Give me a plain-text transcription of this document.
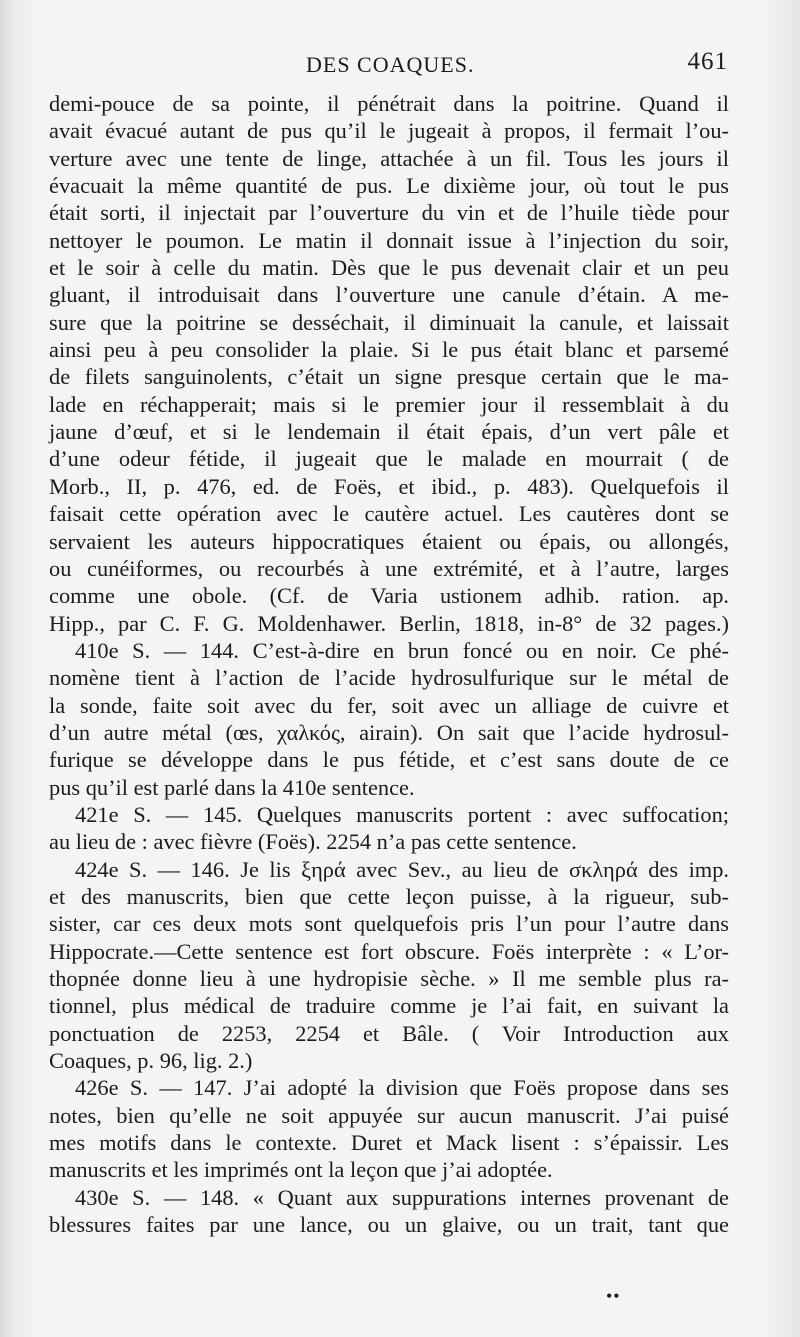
DES COAQUES.	461
demi-pouce de sa pointe, il pénétrait dans la poitrine. Quand il
avait évacué autant de pus qu’il le jugeait à propos, il fermait l’ou-
verture avec une tente de linge, attachée à un fil. Tous les jours il
évacuait la même quantité de pus. Le dixième jour, où tout le pus
était sorti, il injectait par l’ouverture du vin et de l’huile tiède pour
nettoyer le poumon. Le matin il donnait issue à l’injection du soir,
et le soir à celle du matin. Dès que le pus devenait clair et un peu
gluant, il introduisait dans l’ouverture une canule d’étain. A me-
sure que la poitrine se desséchait, il diminuait la canule, et laissait
ainsi peu à peu consolider la plaie. Si le pus était blanc et parsemé
de filets sanguinolents, c’était un signe presque certain que le ma-
lade en réchapperait; mais si le premier jour il ressemblait à du
jaune d’œuf, et si le lendemain il était épais, d’un vert pâle et
d’une odeur fétide, il jugeait que le malade en mourrait ( de
Morb., II, p. 476, ed. de Foës, et ibid., p. 483). Quelquefois il
faisait cette opération avec le cautère actuel. Les cautères dont se
servaient les auteurs hippocratiques étaient ou épais, ou allongés,
ou cunéiformes, ou recourbés à une extrémité, et à l’autre, larges
comme une obole. (Cf. de Varia ustionem adhib. ration. ap.
Hipp., par C. F. G. Moldenhawer. Berlin, 1818, in-8° de 32 pages.)
410e S. — 144. C’est-à-dire en brun foncé ou en noir. Ce phé-
nomène tient à l’action de l’acide hydrosulfurique sur le métal de
la sonde, faite soit avec du fer, soit avec un alliage de cuivre et
d’un autre métal (œs, χαλκός, airain). On sait que l’acide hydrosul-
furique se développe dans le pus fétide, et c’est sans doute de ce
pus qu’il est parlé dans la 410e sentence.
421e S. — 145. Quelques manuscrits portent : avec suffocation;
au lieu de : avec fièvre (Foës). 2254 n’a pas cette sentence.
424e S. — 146. Je lis ξηρά avec Sev., au lieu de σκληρά des imp.
et des manuscrits, bien que cette leçon puisse, à la rigueur, sub-
sister, car ces deux mots sont quelquefois pris l’un pour l’autre dans
Hippocrate.—Cette sentence est fort obscure. Foës interprète : « L’or-
thopnée donne lieu à une hydropisie sèche. » Il me semble plus ra-
tionnel, plus médical de traduire comme je l’ai fait, en suivant la
ponctuation de 2253, 2254 et Bâle. ( Voir Introduction aux
Coaques, p. 96, lig. 2.)
426e S. — 147. J’ai adopté la division que Foës propose dans ses
notes, bien qu’elle ne soit appuyée sur aucun manuscrit. J’ai puisé
mes motifs dans le contexte. Duret et Mack lisent : s’épaissir. Les
manuscrits et les imprimés ont la leçon que j’ai adoptée.
430e S. — 148. « Quant aux suppurations internes provenant de
blessures faites par une lance, ou un glaive, ou un trait, tant que
••
